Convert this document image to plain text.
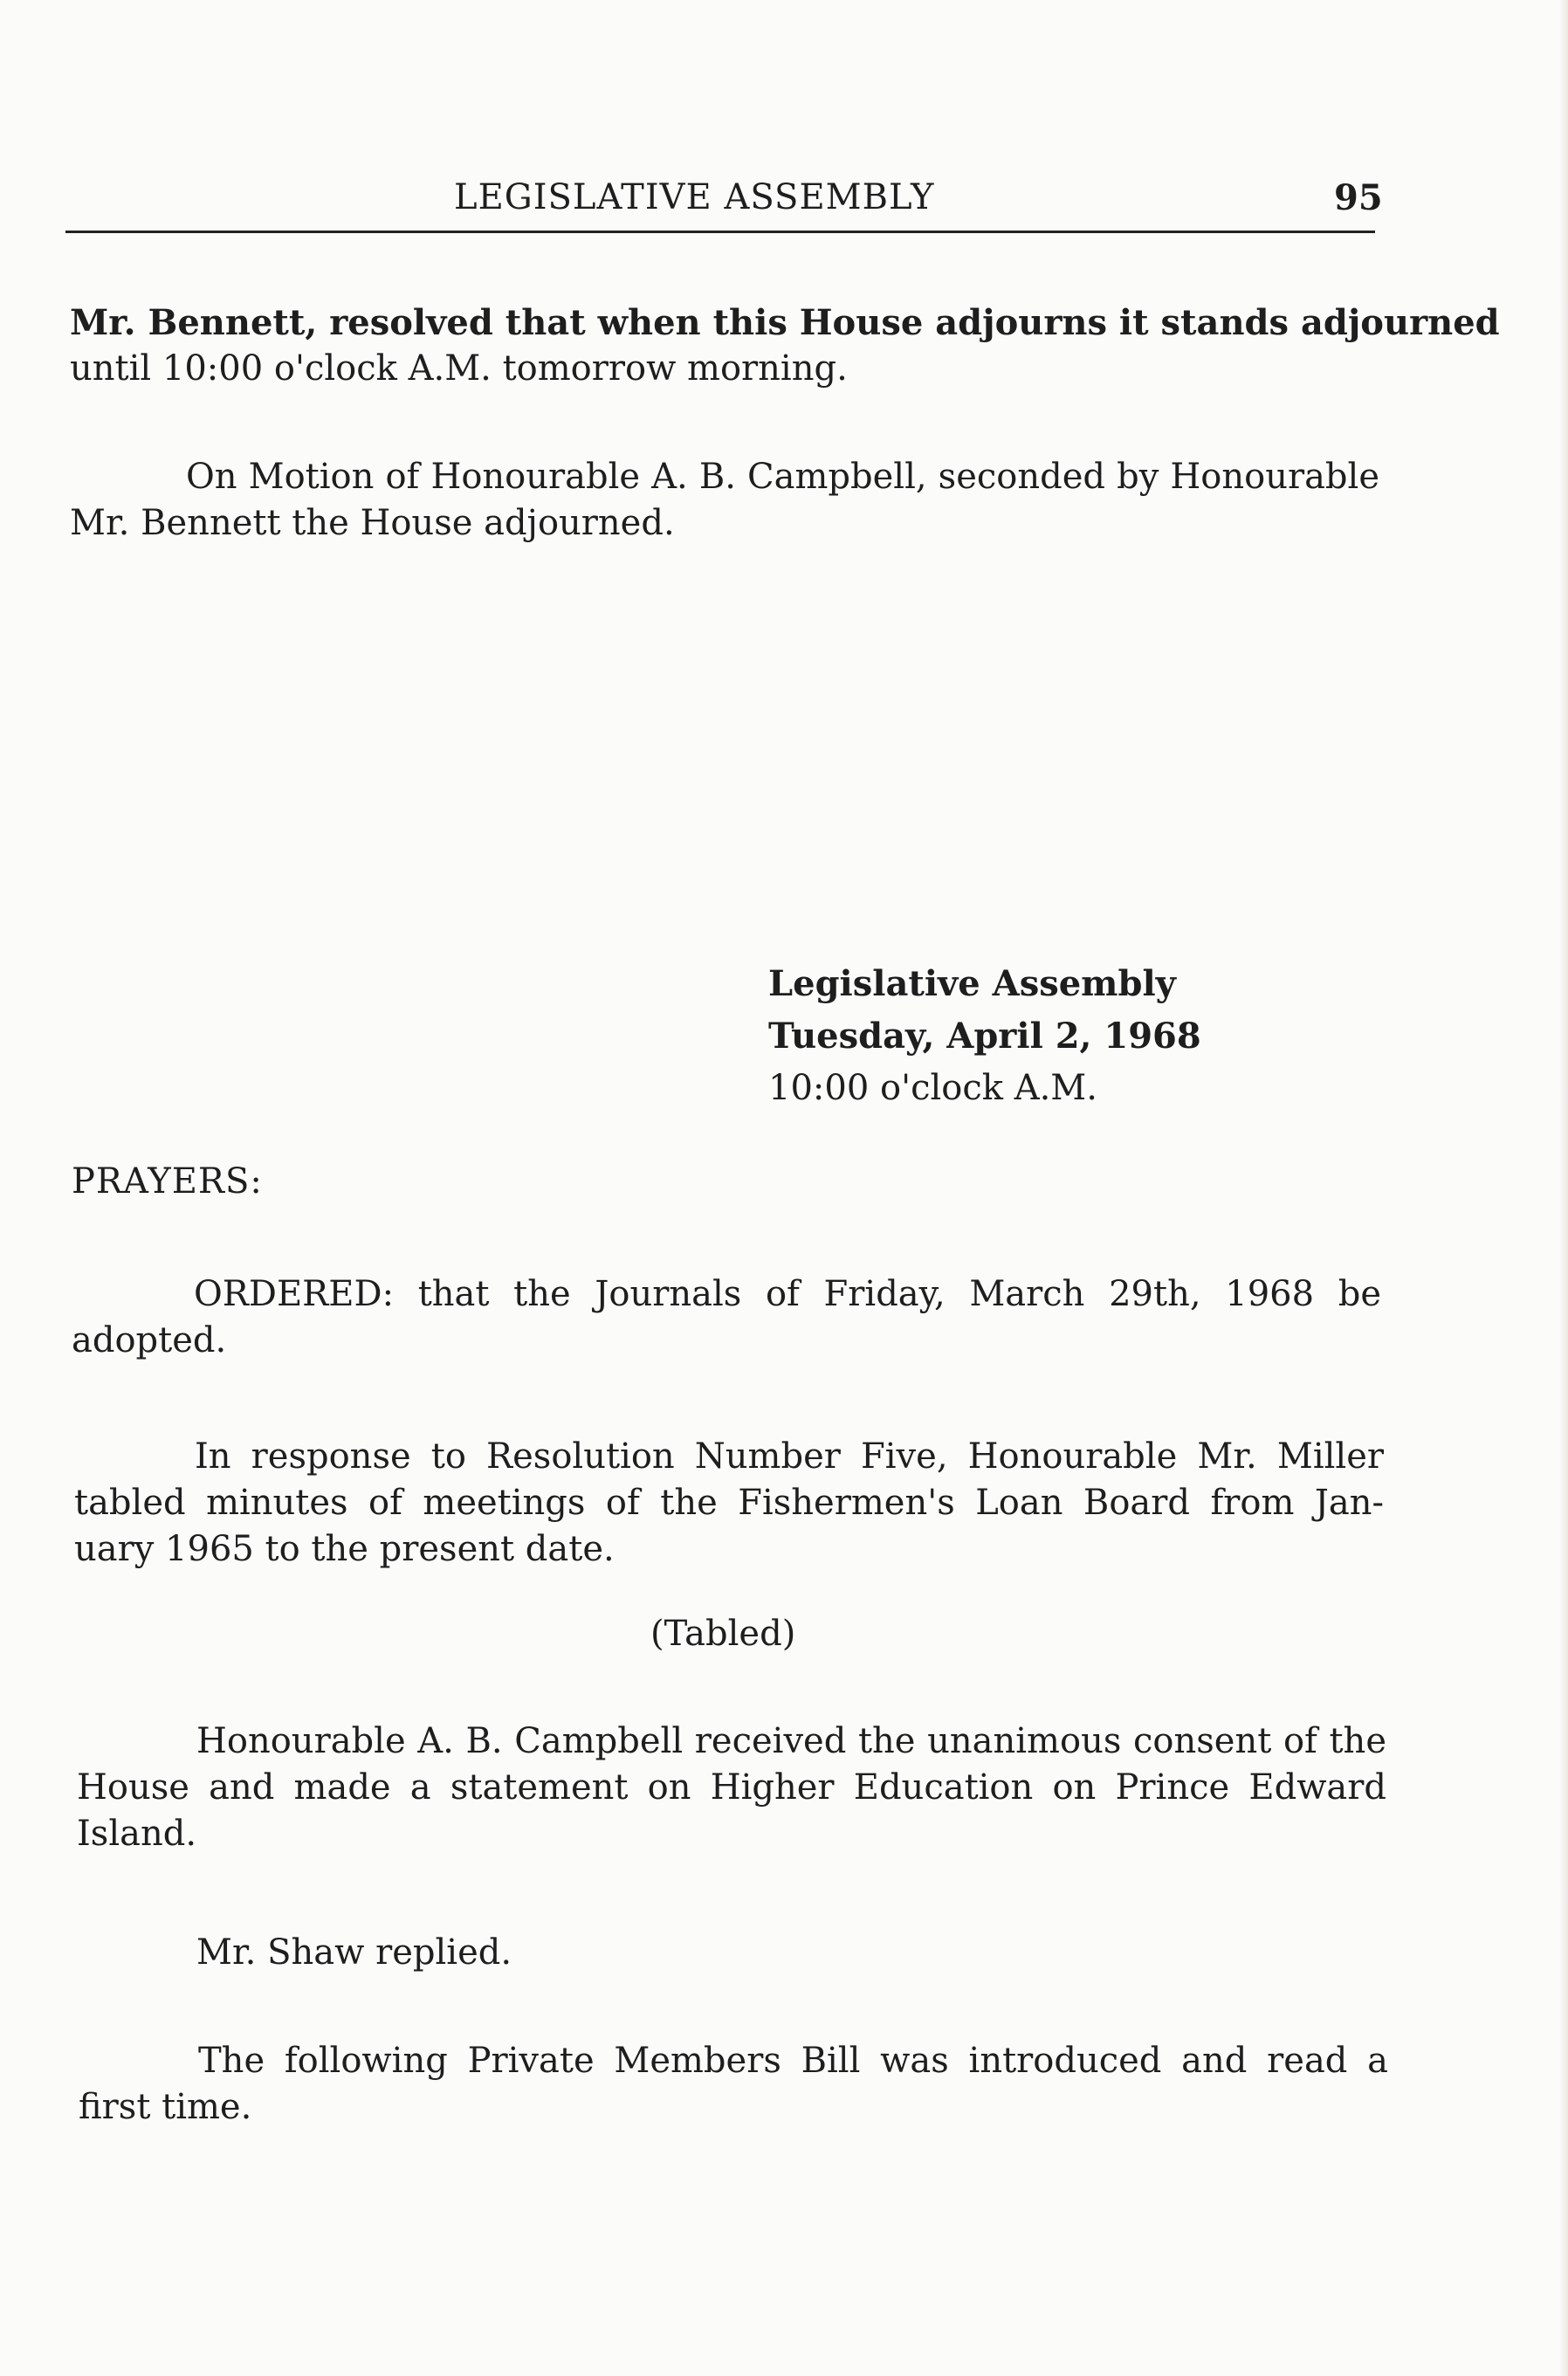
LEGISLATIVE ASSEMBLY	95
Mr. Bennett, resolved that when this House adjourns it stands adjourned
until 10:00 o'clock A.M. tomorrow morning.
On Motion of Honourable A. B. Campbell, seconded by Honourable
Mr. Bennett the House adjourned.
Legislative Assembly
Tuesday, April 2, 1968
10:00 o'clock A.M.
PRAYERS:
ORDERED: that the Journals of Friday, March 29th, 1968 be
adopted.
In response to Resolution Number Five, Honourable Mr. Miller
tabled minutes of meetings of the Fishermen's Loan Board from Jan-
uary 1965 to the present date.
(Tabled)
Honourable A. B. Campbell received the unanimous consent of the
House and made a statement on Higher Education on Prince Edward
Island.
Mr. Shaw replied.
The following Private Members Bill was introduced and read a
first time.
